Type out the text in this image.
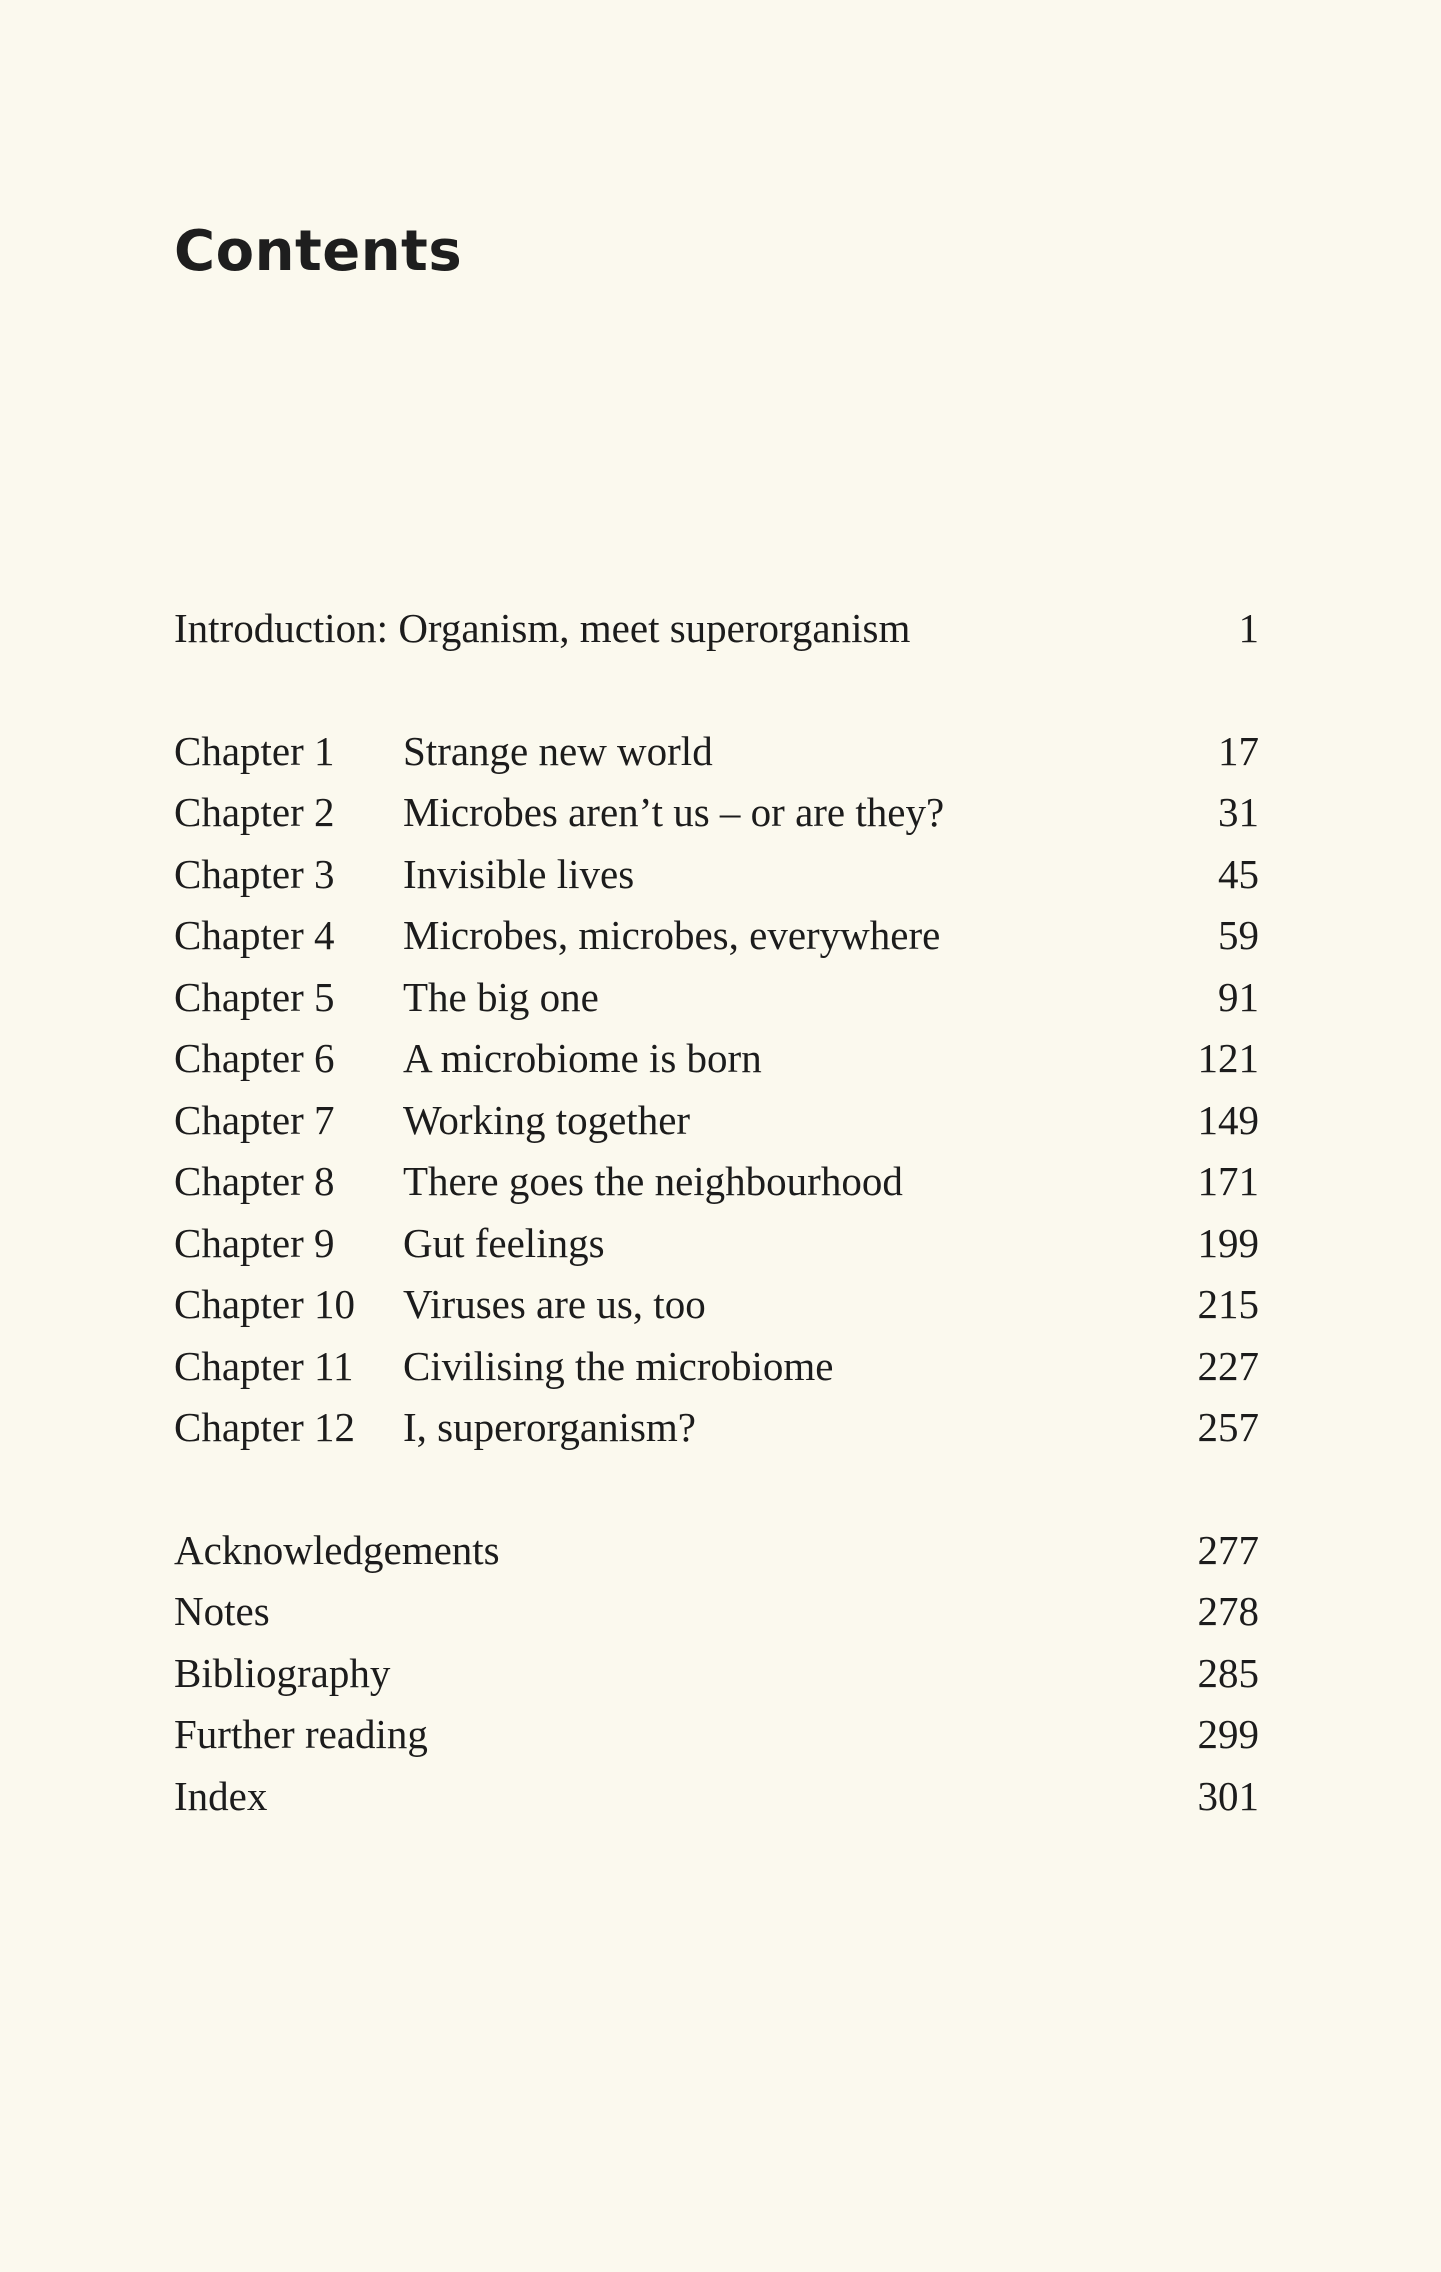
Contents
Introduction: Organism, meet superorganism	1
Chapter 1 Strange new world	17
Chapter 2 Microbes aren’t us – or are they?	31
Chapter 3 Invisible lives	45
Chapter 4 Microbes, microbes, everywhere	59
Chapter 5 The big one	91
Chapter 6 A microbiome is born	121
Chapter 7 Working together	149
Chapter 8 There goes the neighbourhood	171
Chapter 9 Gut feelings	199
Chapter 10 Viruses are us, too	215
Chapter 11 Civilising the microbiome	227
Chapter 12 I, superorganism?	257
Acknowledgements	277
Notes	278
Bibliography	285
Further reading	299
Index	301
